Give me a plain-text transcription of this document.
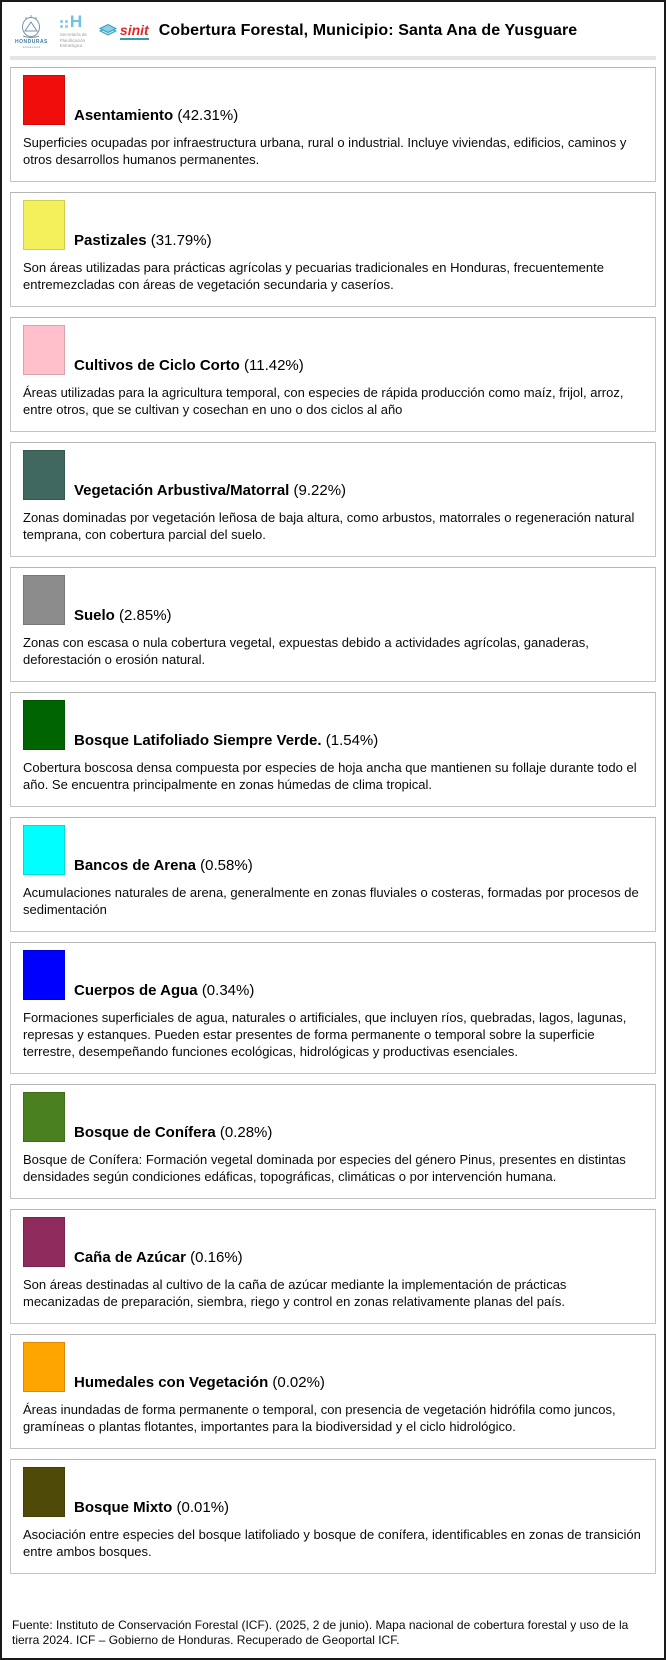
HONDURAS
●●●●●●●●●●
H
Secretaría de
Planificación
Estratégica
sinit Cobertura Forestal, Municipio: Santa Ana de Yusguare
Asentamiento (42.31%)

Superficies ocupadas por infraestructura urbana, rural o industrial. Incluye viviendas, edificios, caminos y otros desarrollos humanos permanentes.

Pastizales (31.79%)

Son áreas utilizadas para prácticas agrícolas y pecuarias tradicionales en Honduras, frecuentemente entremezcladas con áreas de vegetación secundaria y caseríos.

Cultivos de Ciclo Corto (11.42%)

Áreas utilizadas para la agricultura temporal, con especies de rápida producción como maíz, frijol, arroz, entre otros, que se cultivan y cosechan en uno o dos ciclos al año

Vegetación Arbustiva/Matorral (9.22%)

Zonas dominadas por vegetación leñosa de baja altura, como arbustos, matorrales o regeneración natural temprana, con cobertura parcial del suelo.

Suelo (2.85%)

Zonas con escasa o nula cobertura vegetal, expuestas debido a actividades agrícolas, ganaderas, deforestación o erosión natural.

Bosque Latifoliado Siempre Verde. (1.54%)

Cobertura boscosa densa compuesta por especies de hoja ancha que mantienen su follaje durante todo el año. Se encuentra principalmente en zonas húmedas de clima tropical.

Bancos de Arena (0.58%)

Acumulaciones naturales de arena, generalmente en zonas fluviales o costeras, formadas por procesos de sedimentación

Cuerpos de Agua (0.34%)

Formaciones superficiales de agua, naturales o artificiales, que incluyen ríos, quebradas, lagos, lagunas, represas y estanques. Pueden estar presentes de forma permanente o temporal sobre la superficie terrestre, desempeñando funciones ecológicas, hidrológicas y productivas esenciales.

Bosque de Conífera (0.28%)

Bosque de Conífera: Formación vegetal dominada por especies del género Pinus, presentes en distintas densidades según condiciones edáficas, topográficas, climáticas o por intervención humana.

Caña de Azúcar (0.16%)

Son áreas destinadas al cultivo de la caña de azúcar mediante la implementación de prácticas mecanizadas de preparación, siembra, riego y control en zonas relativamente planas del país.

Humedales con Vegetación (0.02%)

Áreas inundadas de forma permanente o temporal, con presencia de vegetación hidrófila como juncos, gramíneas o plantas flotantes, importantes para la biodiversidad y el ciclo hidrológico.

Bosque Mixto (0.01%)

Asociación entre especies del bosque latifoliado y bosque de conífera, identificables en zonas de transición entre ambos bosques.

Fuente: Instituto de Conservación Forestal (ICF). (2025, 2 de junio). Mapa nacional de cobertura forestal y uso de la tierra 2024. ICF – Gobierno de Honduras. Recuperado de Geoportal ICF.
